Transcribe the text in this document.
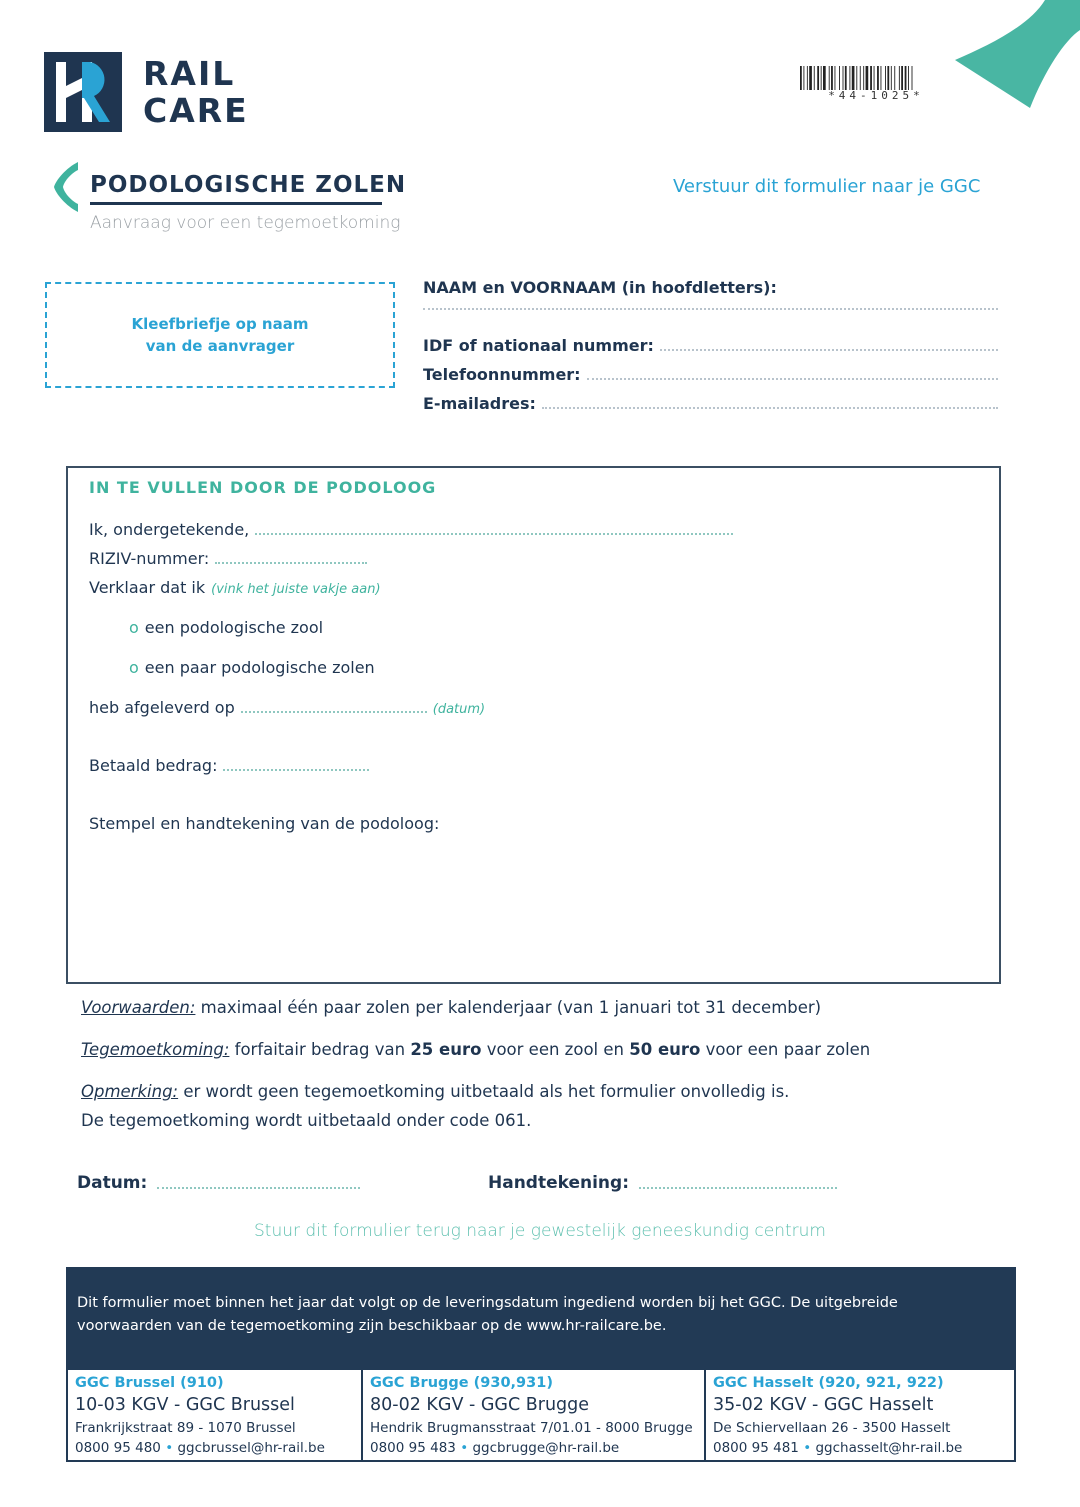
RAIL
CARE	*44-1025*
PODOLOGISCHE ZOLEN
Aanvraag voor een tegemoetkoming
Verstuur dit formulier naar je GGC
Kleefbriefje op naam
van de aanvrager
NAAM en VOORNAAM (in hoofdletters):
IDF of nationaal nummer:
Telefoonnummer:
E-mailadres:
IN TE VULLEN DOOR DE PODOLOOG
Ik, ondergetekende,
RIZIV-nummer:
Verklaar dat ik (vink het juiste vakje aan)
o een podologische zool
o een paar podologische zolen
heb afgeleverd op	(datum)
Betaald bedrag:
Stempel en handtekening van de podoloog:
Voorwaarden: maximaal één paar zolen per kalenderjaar (van 1 januari tot 31 december)
Tegemoetkoming: forfaitair bedrag van 25 euro voor een zool en 50 euro voor een paar zolen
Opmerking: er wordt geen tegemoetkoming uitbetaald als het formulier onvolledig is.
De tegemoetkoming wordt uitbetaald onder code 061.
Datum:	Handtekening:
Stuur dit formulier terug naar je gewestelijk geneeskundig centrum
Dit formulier moet binnen het jaar dat volgt op de leveringsdatum ingediend worden bij het GGC. De uitgebreide voorwaarden van de tegemoetkoming zijn beschikbaar op de www.hr-railcare.be.
GGC Brussel (910)
10-03 KGV - GGC Brussel
Frankrijkstraat 89 - 1070 Brussel
0800 95 480 • ggcbrussel@hr-rail.be
GGC Brugge (930,931)
80-02 KGV - GGC Brugge
Hendrik Brugmansstraat 7/01.01 - 8000 Brugge
0800 95 483 • ggcbrugge@hr-rail.be
GGC Hasselt (920, 921, 922)
35-02 KGV - GGC Hasselt
De Schiervellaan 26 - 3500 Hasselt
0800 95 481 • ggchasselt@hr-rail.be
